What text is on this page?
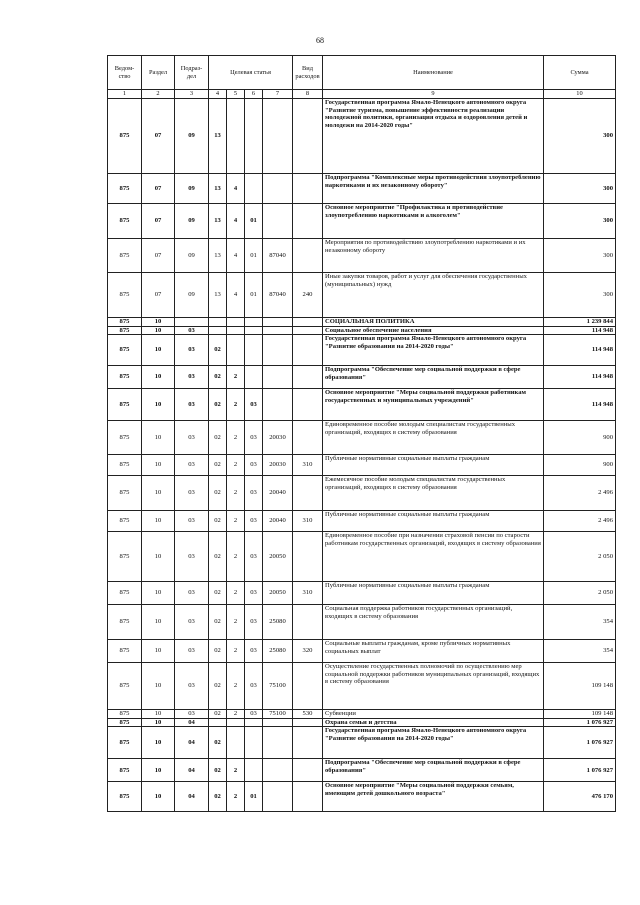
68
Ведом-ство	Раздел	Подраз-дел	Целевая статья				Вид расходов	Наименование	Сумма
1	2	3	4	5	6	7	8	9	10
875	07	09	13					Государственная программа Ямало-Ненецкого автономного округа "Развитие туризма, повышение эффективности реализации молодежной политики, организация отдыха и оздоровления детей и молодежи на 2014-2020 годы"	300
875	07	09	13	4				Подпрограмма "Комплексные меры противодействия злоупотреблению наркотиками и их незаконному обороту"	300
875	07	09	13	4	01			Основное мероприятие "Профилактика и противодействие злоупотреблению наркотиками и алкоголем"	300
875	07	09	13	4	01	87040		Мероприятия по противодействию злоупотреблению наркотиками и их незаконному обороту	300
875	07	09	13	4	01	87040	240	Иные закупки товаров, работ и услуг для обеспечения государственных (муниципальных) нужд	300
875	10							СОЦИАЛЬНАЯ ПОЛИТИКА	1 239 844
875	10	03						Социальное обеспечение населения	114 948
875	10	03	02					Государственная программа Ямало-Ненецкого автономного округа "Развитие образования на 2014-2020 годы"	114 948
875	10	03	02	2				Подпрограмма "Обеспечение мер социальной поддержки в сфере образования"	114 948
875	10	03	02	2	03			Основное мероприятие "Меры социальной поддержки работникам государственных и муниципальных учреждений"	114 948
875	10	03	02	2	03	20030		Единовременное пособие молодым специалистам государственных организаций, входящих в систему образования	900
875	10	03	02	2	03	20030	310	Публичные нормативные социальные выплаты гражданам	900
875	10	03	02	2	03	20040		Ежемесячное пособие молодым специалистам государственных организаций, входящих в систему образования	2 496
875	10	03	02	2	03	20040	310	Публичные нормативные социальные выплаты гражданам	2 496
875	10	03	02	2	03	20050		Единовременное пособие при назначении страховой пенсии по старости работникам государственных организаций, входящих в систему образования	2 050
875	10	03	02	2	03	20050	310	Публичные нормативные социальные выплаты гражданам	2 050
875	10	03	02	2	03	25080		Социальная поддержка работников государственных организаций, входящих в систему образования	354
875	10	03	02	2	03	25080	320	Социальные выплаты гражданам, кроме публичных нормативных социальных выплат	354
875	10	03	02	2	03	75100		Осуществление государственных полномочий по осуществлению мер социальной поддержки работников муниципальных организаций, входящих в систему образования	109 148
875	10	03	02	2	03	75100	530	Субвенции	109 148
875	10	04						Охрана семьи и детства	1 076 927
875	10	04	02					Государственная программа Ямало-Ненецкого автономного округа "Развитие образования на 2014-2020 годы"	1 076 927
875	10	04	02	2				Подпрограмма "Обеспечение мер социальной поддержки в сфере образования"	1 076 927
875	10	04	02	2	01			Основное мероприятие "Меры социальной поддержки семьям, имеющим детей дошкольного возраста"	476 170
